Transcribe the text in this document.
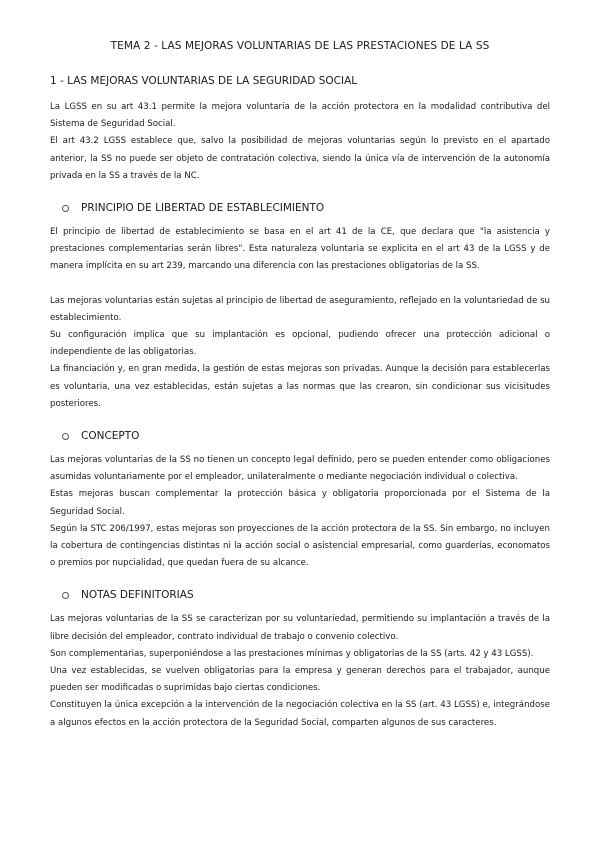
TEMA 2 - LAS MEJORAS VOLUNTARIAS DE LAS PRESTACIONES DE LA SS
1 - LAS MEJORAS VOLUNTARIAS DE LA SEGURIDAD SOCIAL

La LGSS en su art 43.1 permite la mejora voluntaria de la acción protectora en la modalidad contributiva del Sistema de Seguridad Social.

El art 43.2 LGSS establece que, salvo la posibilidad de mejoras voluntarias según lo previsto en el apartado anterior, la SS no puede ser objeto de contratación colectiva, siendo la única vía de intervención de la autonomía privada en la SS a través de la NC.

PRINCIPIO DE LIBERTAD DE ESTABLECIMIENTO

El principio de libertad de establecimiento se basa en el art 41 de la CE, que declara que "la asistencia y prestaciones complementarias serán libres". Esta naturaleza voluntaria se explicita en el art 43 de la LGSS y de manera implícita en su art 239, marcando una diferencia con las prestaciones obligatorias de la SS.

Las mejoras voluntarias están sujetas al principio de libertad de aseguramiento, reflejado en la voluntariedad de su establecimiento.

Su configuración implica que su implantación es opcional, pudiendo ofrecer una protección adicional o independiente de las obligatorias.

La financiación y, en gran medida, la gestión de estas mejoras son privadas. Aunque la decisión para establecerlas es voluntaria, una vez establecidas, están sujetas a las normas que las crearon, sin condicionar sus vicisitudes posteriores.

CONCEPTO

Las mejoras voluntarias de la SS no tienen un concepto legal definido, pero se pueden entender como obligaciones asumidas voluntariamente por el empleador, unilateralmente o mediante negociación individual o colectiva.

Estas mejoras buscan complementar la protección básica y obligatoria proporcionada por el Sistema de la Seguridad Social.

Según la STC 206/1997, estas mejoras son proyecciones de la acción protectora de la SS. Sin embargo, no incluyen la cobertura de contingencias distintas ni la acción social o asistencial empresarial, como guarderías, economatos o premios por nupcialidad, que quedan fuera de su alcance.

NOTAS DEFINITORIAS

Las mejoras voluntarias de la SS se caracterizan por su voluntariedad, permitiendo su implantación a través de la libre decisión del empleador, contrato individual de trabajo o convenio colectivo.

Son complementarias, superponiéndose a las prestaciones mínimas y obligatorias de la SS (arts. 42 y 43 LGSS).

Una vez establecidas, se vuelven obligatorias para la empresa y generan derechos para el trabajador, aunque pueden ser modificadas o suprimidas bajo ciertas condiciones.

Constituyen la única excepción a la intervención de la negociación colectiva en la SS (art. 43 LGSS) e, integrándose a algunos efectos en la acción protectora de la Seguridad Social, comparten algunos de sus caracteres.
